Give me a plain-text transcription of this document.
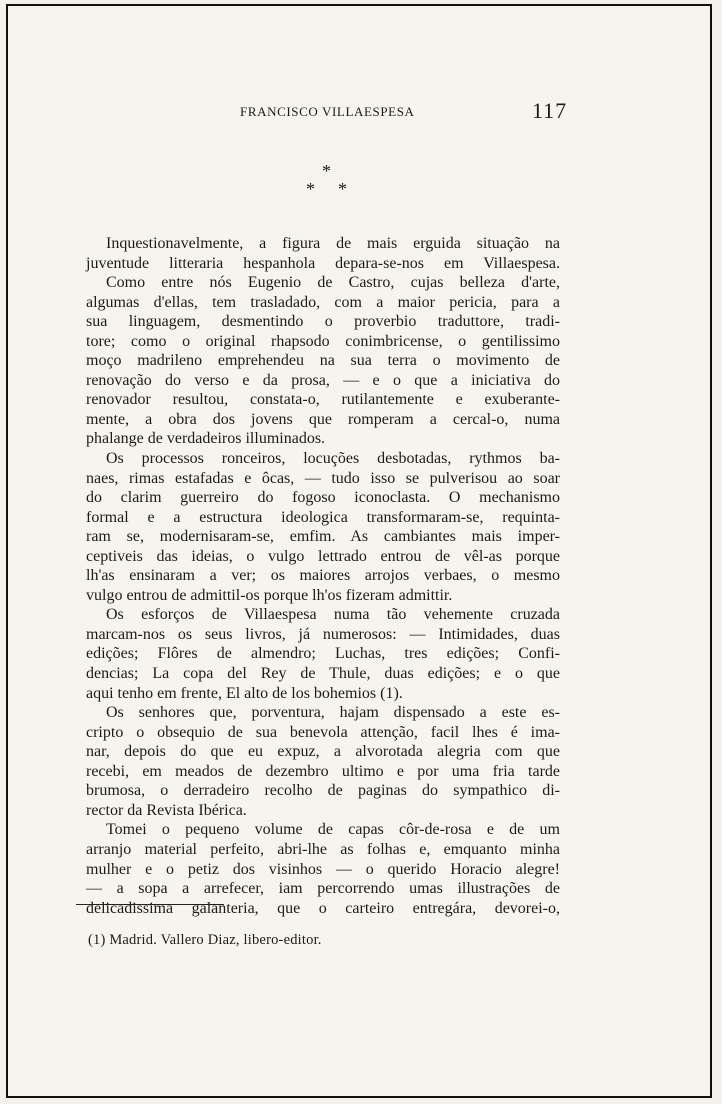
FRANCISCO VILLAESPESA	117
*
* *
Inquestionavelmente, a figura de mais erguida situação na
juventude litteraria hespanhola depara-se-nos em Villaespesa.
Como entre nós Eugenio de Castro, cujas belleza d'arte,
algumas d'ellas, tem trasladado, com a maior pericia, para a
sua linguagem, desmentindo o proverbio traduttore, tradi-
tore; como o original rhapsodo conimbricense, o gentilissimo
moço madrileno emprehendeu na sua terra o movimento de
renovação do verso e da prosa, — e o que a iniciativa do
renovador resultou, constata-o, rutilantemente e exuberante-
mente, a obra dos jovens que romperam a cercal-o, numa
phalange de verdadeiros illuminados.
Os processos ronceiros, locuções desbotadas, rythmos ba-
naes, rimas estafadas e ôcas, — tudo isso se pulverisou ao soar
do clarim guerreiro do fogoso iconoclasta. O mechanismo
formal e a estructura ideologica transformaram-se, requinta-
ram se, modernisaram-se, emfim. As cambiantes mais imper-
ceptiveis das ideias, o vulgo lettrado entrou de vêl-as porque
lh'as ensinaram a ver; os maiores arrojos verbaes, o mesmo
vulgo entrou de admittil-os porque lh'os fizeram admittir.
Os esforços de Villaespesa numa tão vehemente cruzada
marcam-nos os seus livros, já numerosos: — Intimidades, duas
edições; Flôres de almendro; Luchas, tres edições; Confi-
dencias; La copa del Rey de Thule, duas edições; e o que
aqui tenho em frente, El alto de los bohemios (1).
Os senhores que, porventura, hajam dispensado a este es-
cripto o obsequio de sua benevola attenção, facil lhes é ima-
nar, depois do que eu expuz, a alvorotada alegria com que
recebi, em meados de dezembro ultimo e por uma fria tarde
brumosa, o derradeiro recolho de paginas do sympathico di-
rector da Revista Ibérica.
Tomei o pequeno volume de capas côr-de-rosa e de um
arranjo material perfeito, abri-lhe as folhas e, emquanto minha
mulher e o petiz dos visinhos — o querido Horacio alegre!
— a sopa a arrefecer, iam percorrendo umas illustrações de
delicadissima galanteria, que o carteiro entregára, devorei-o,
(1) Madrid. Vallero Diaz, libero-editor.
